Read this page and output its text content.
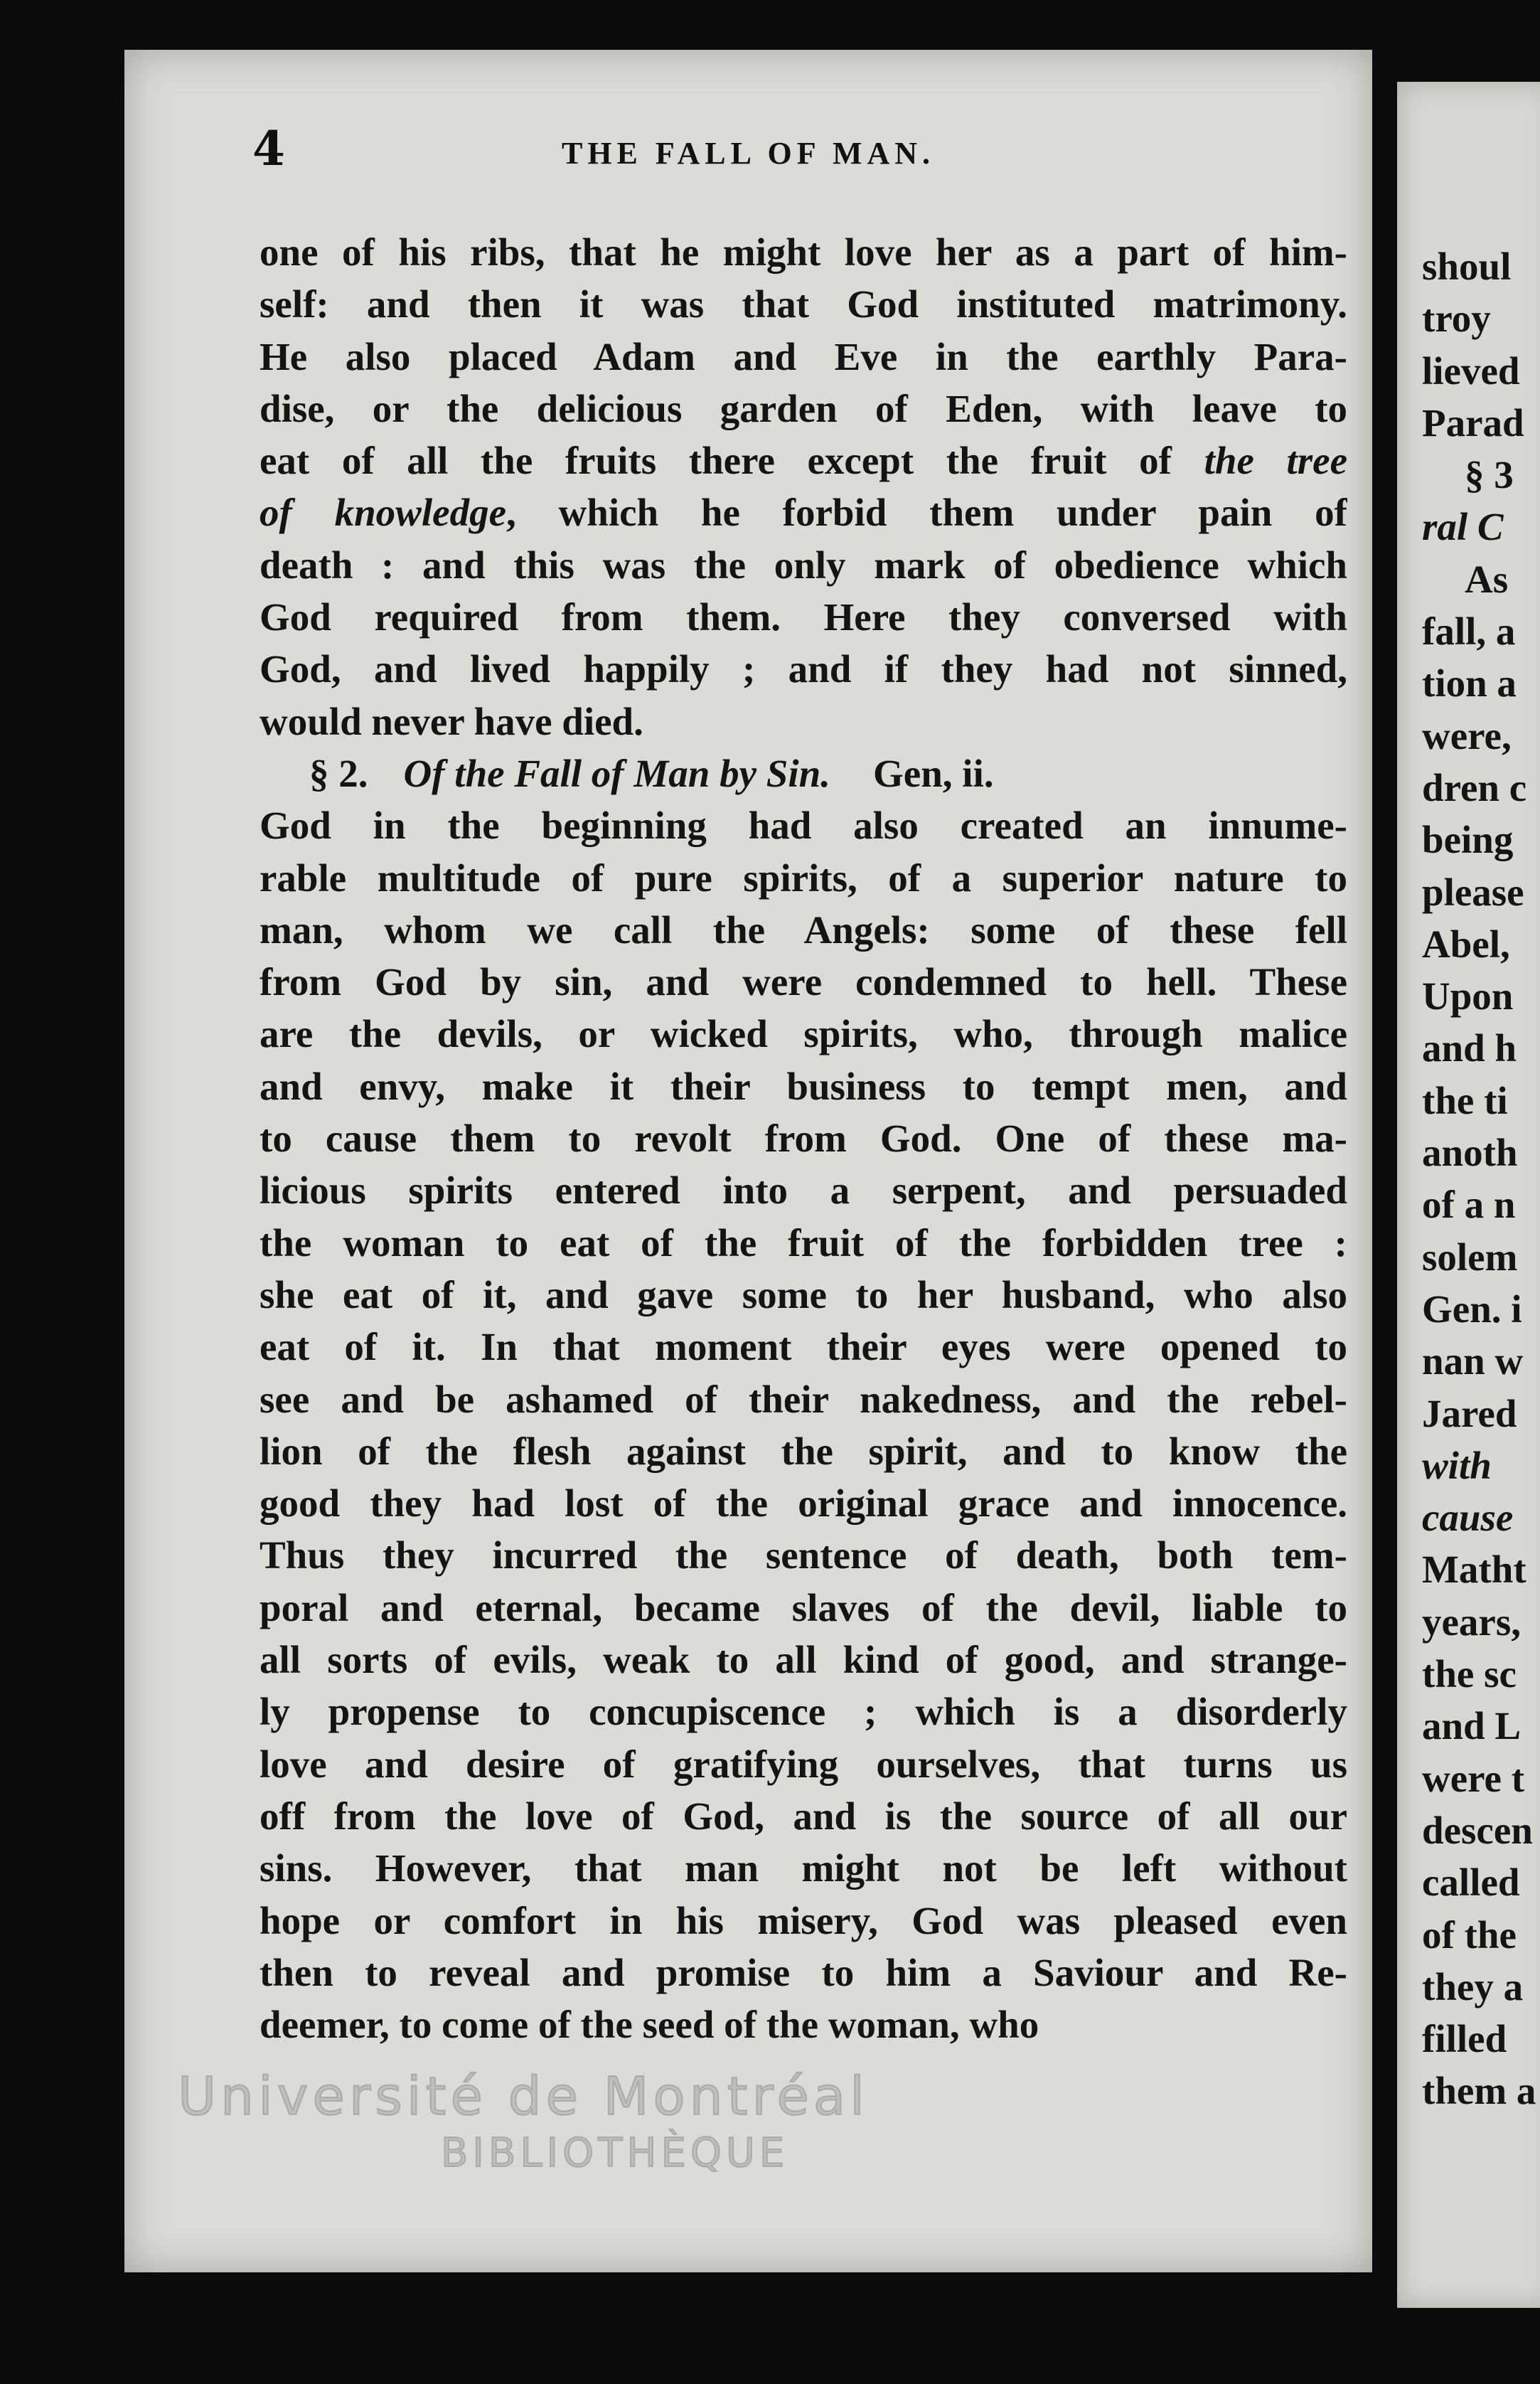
4	THE FALL OF MAN.
one of his ribs, that he might love her as a part of him-
self: and then it was that God instituted matrimony.
He also placed Adam and Eve in the earthly Para-
dise, or the delicious garden of Eden, with leave to
eat of all the fruits there except the fruit of the tree
of knowledge, which he forbid them under pain of
death : and this was the only mark of obedience which
God required from them. Here they conversed with
God, and lived happily ; and if they had not sinned,
would never have died.
§ 2. Of the Fall of Man by Sin. Gen, ii.
God in the beginning had also created an innume-
rable multitude of pure spirits, of a superior nature to
man, whom we call the Angels: some of these fell
from God by sin, and were condemned to hell. These
are the devils, or wicked spirits, who, through malice
and envy, make it their business to tempt men, and
to cause them to revolt from God. One of these ma-
licious spirits entered into a serpent, and persuaded
the woman to eat of the fruit of the forbidden tree :
she eat of it, and gave some to her husband, who also
eat of it. In that moment their eyes were opened to
see and be ashamed of their nakedness, and the rebel-
lion of the flesh against the spirit, and to know the
good they had lost of the original grace and innocence.
Thus they incurred the sentence of death, both tem-
poral and eternal, became slaves of the devil, liable to
all sorts of evils, weak to all kind of good, and strange-
ly propense to concupiscence ; which is a disorderly
love and desire of gratifying ourselves, that turns us
off from the love of God, and is the source of all our
sins. However, that man might not be left without
hope or comfort in his misery, God was pleased even
then to reveal and promise to him a Saviour and Re-
deemer, to come of the seed of the woman, who
shoul
troy
lieved
Parad
§ 3
ral C
As
fall, a
tion a
were,
dren c
being
please
Abel,
Upon
and h
the ti
anoth
of a n
solem
Gen. i
nan w
Jared
with
cause
Matht
years,
the sc
and L
were t
descen
called
of the
they a
filled
them a
Université de Montréal
BIBLIOTHÈQUE
